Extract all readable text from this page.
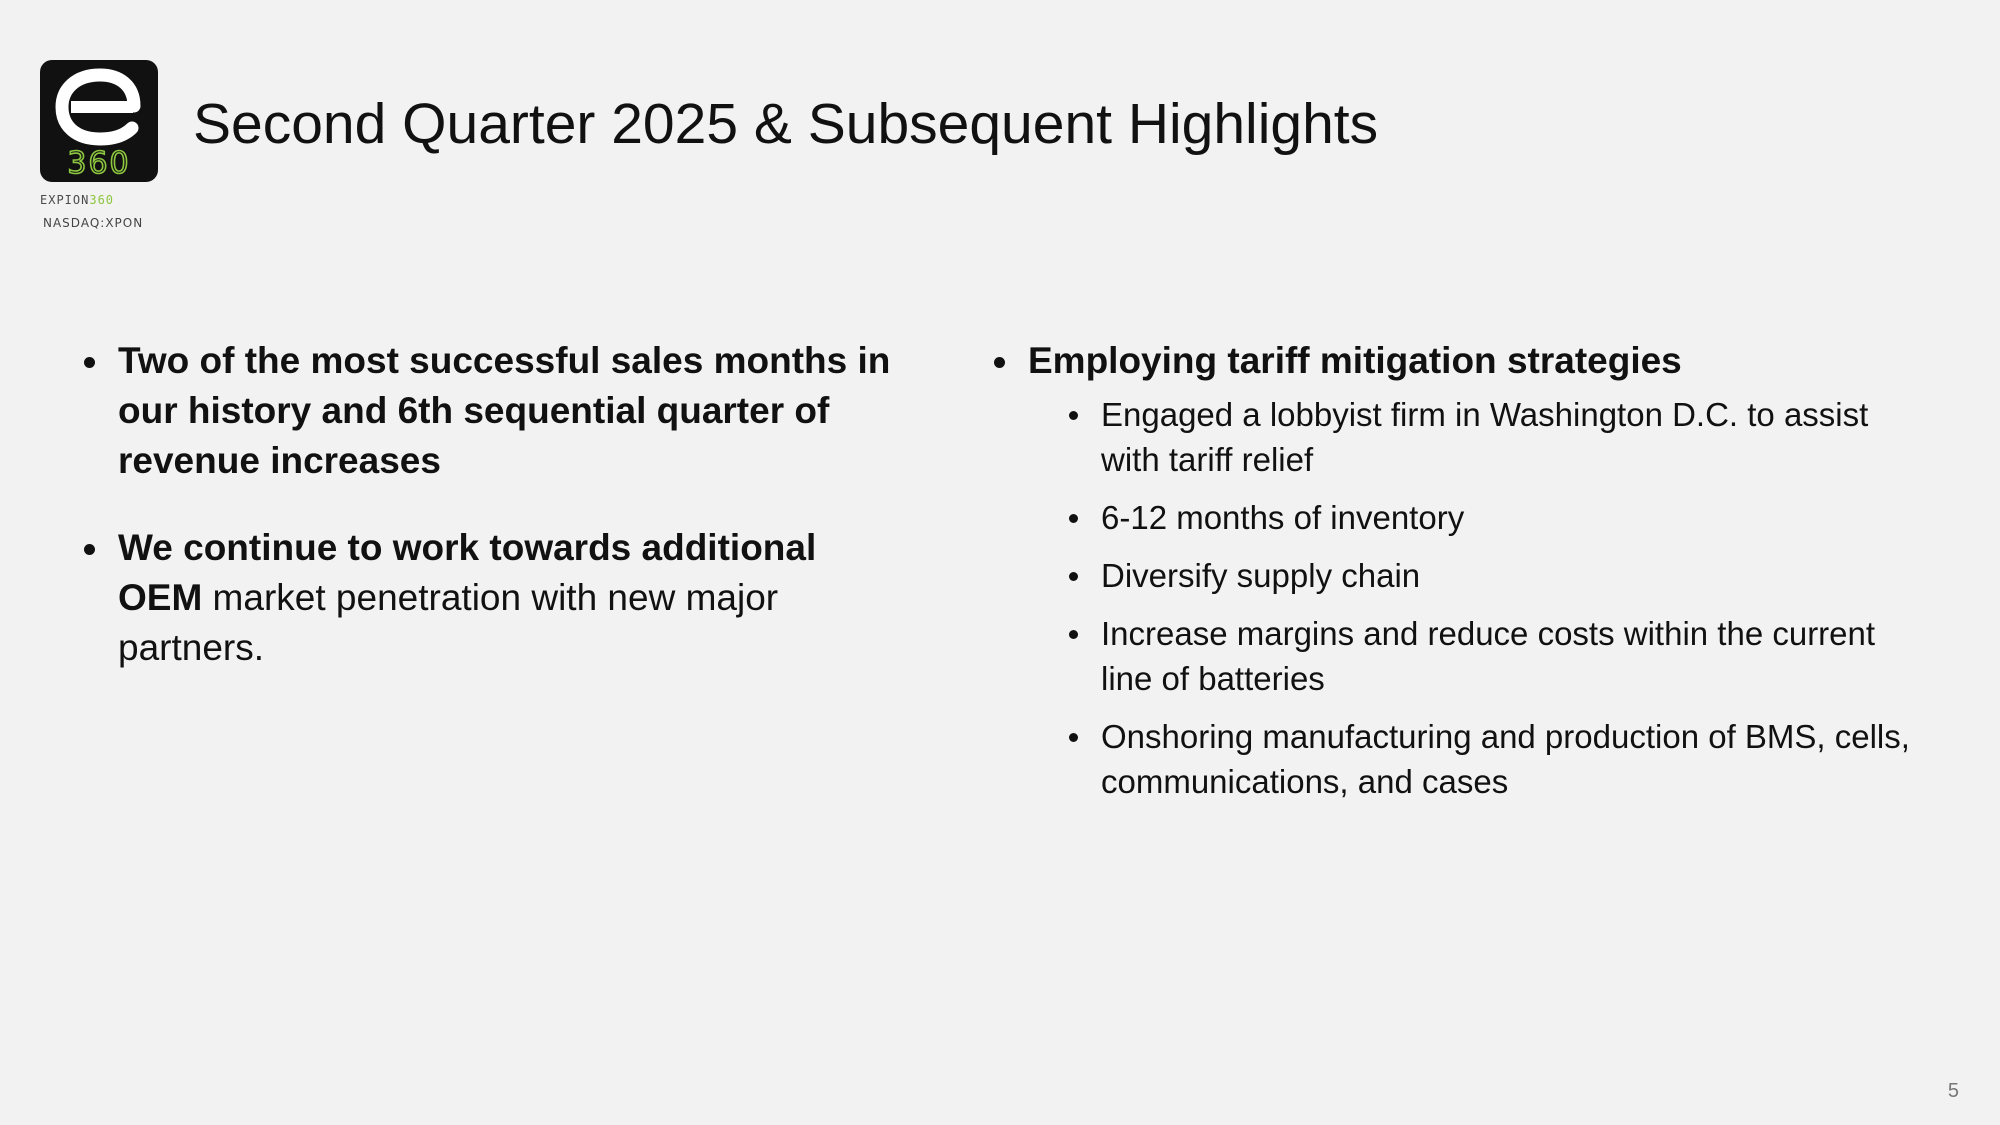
360
EXPION360
NASDAQ:XPON
Second Quarter 2025 & Subsequent Highlights
Two of the most successful sales months in our history and 6th sequential quarter of revenue increases
We continue to work towards additional OEM market penetration with new major partners.
Employing tariff mitigation strategies
Engaged a lobbyist firm in Washington D.C. to assist with tariff relief
6-12 months of inventory
Diversify supply chain
Increase margins and reduce costs within the current line of batteries
Onshoring manufacturing and production of BMS, cells, communications, and cases
5
